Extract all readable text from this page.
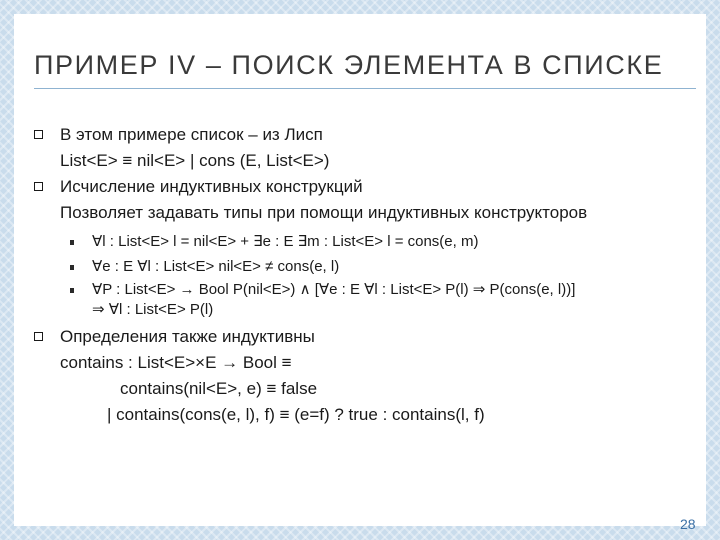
ПРИМЕР IV – ПОИСК ЭЛЕМЕНТА В СПИСКЕ
В этом примере список – из Лисп
List<E> ≡ nil<E> | cons (E, List<E>)
Исчисление индуктивных конструкций
Позволяет задавать типы при помощи индуктивных конструкторов
∀l : List<E> l = nil<E> + ∃e : E ∃m : List<E> l = cons(e, m)
∀e : E ∀l : List<E> nil<E> ≠ cons(e, l)
∀P : List<E> → Bool P(nil<E>) ∧ [∀e : E ∀l : List<E> P(l) ⇒ P(cons(e, l))]
⇒ ∀l : List<E> P(l)
Определения также индуктивны
contains : List<E>×E → Bool ≡
contains(nil<E>, e) ≡ false
| contains(cons(e, l), f) ≡ (e=f) ? true : contains(l, f)
28
